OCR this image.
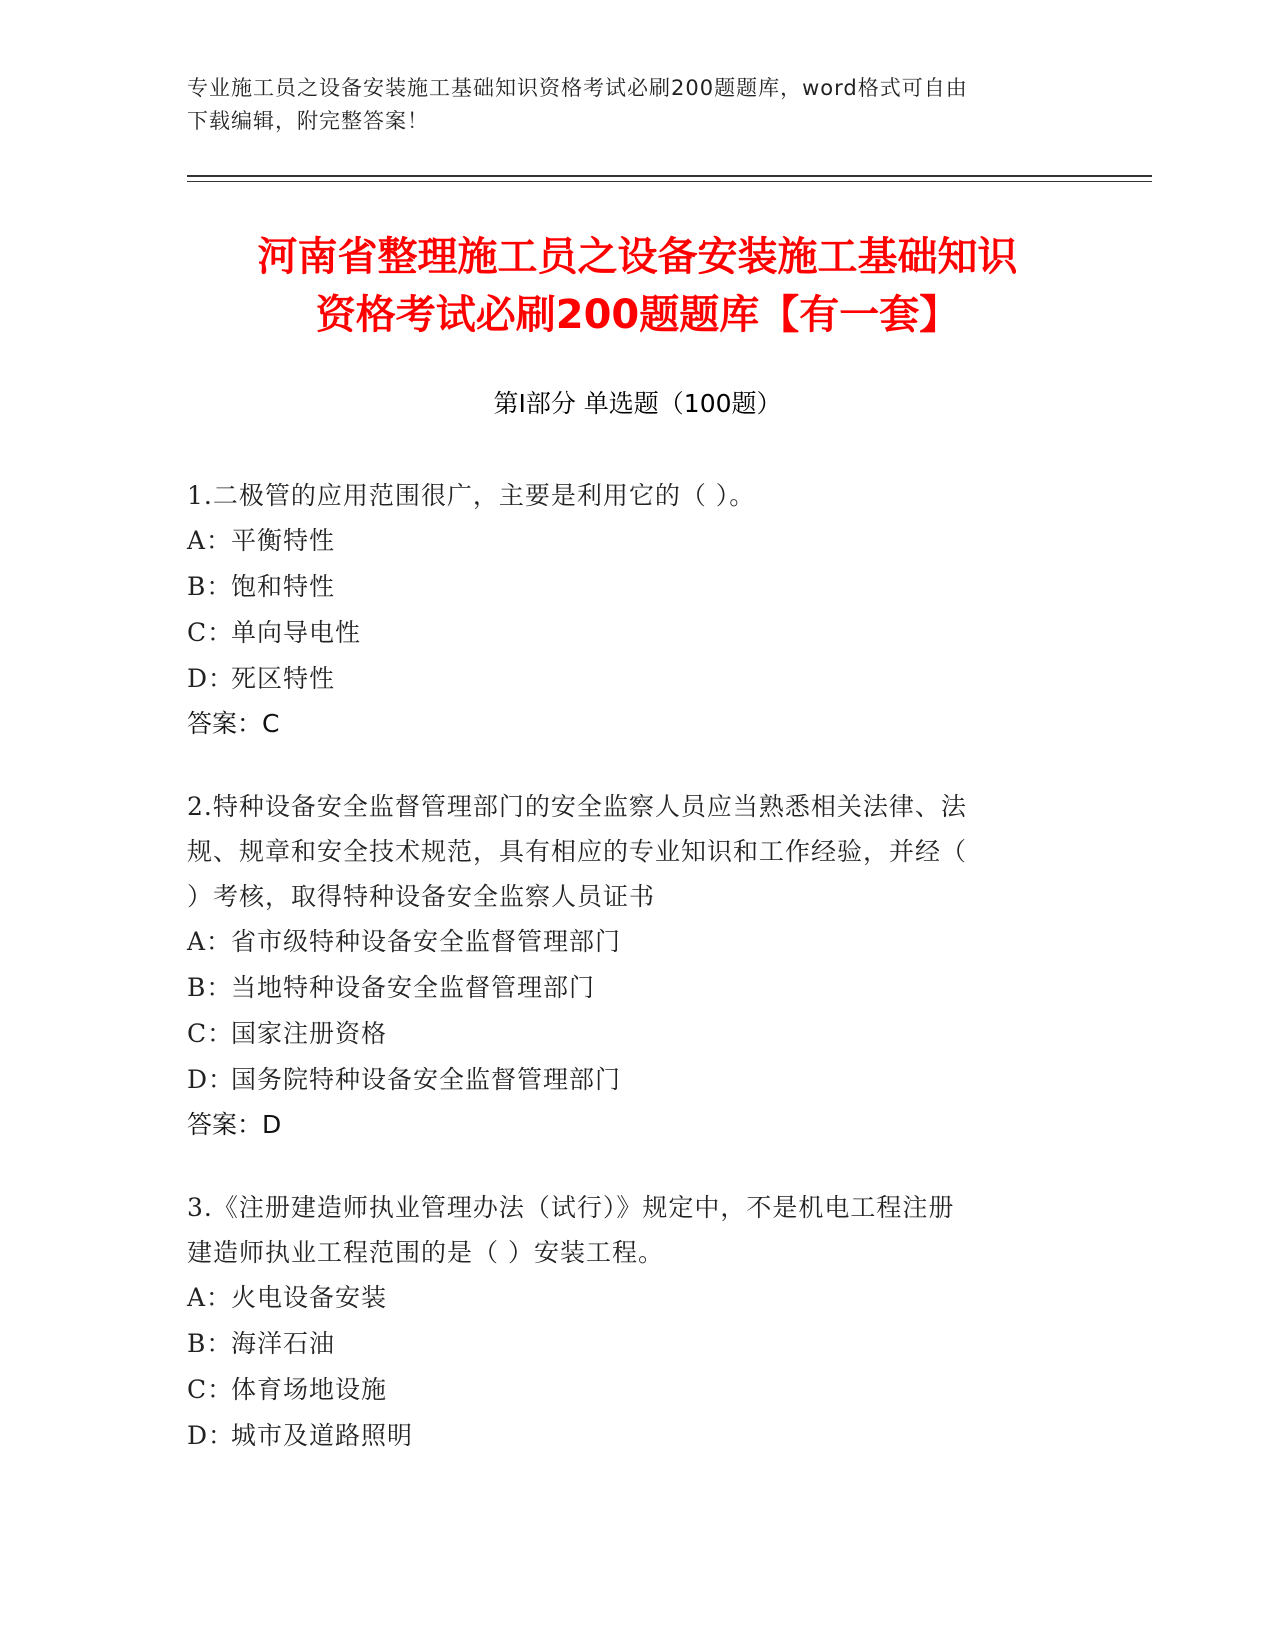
专业施工员之设备安装施工基础知识资格考试必刷200题题库，word格式可自由
下载编辑，附完整答案！
河南省整理施工员之设备安装施工基础知识
资格考试必刷200题题库【有一套】
第Ⅰ部分 单选题（100题）
1.二极管的应用范围很广，主要是利用它的（ ）。
A：平衡特性
B：饱和特性
C：单向导电性
D：死区特性
答案：C
2.特种设备安全监督管理部门的安全监察人员应当熟悉相关法律、法
规、规章和安全技术规范，具有相应的专业知识和工作经验，并经（
）考核，取得特种设备安全监察人员证书
A：省市级特种设备安全监督管理部门
B：当地特种设备安全监督管理部门
C：国家注册资格
D：国务院特种设备安全监督管理部门
答案：D
3.《注册建造师执业管理办法（试行）》规定中，不是机电工程注册
建造师执业工程范围的是（ ）安装工程。
A：火电设备安装
B：海洋石油
C：体育场地设施
D：城市及道路照明
